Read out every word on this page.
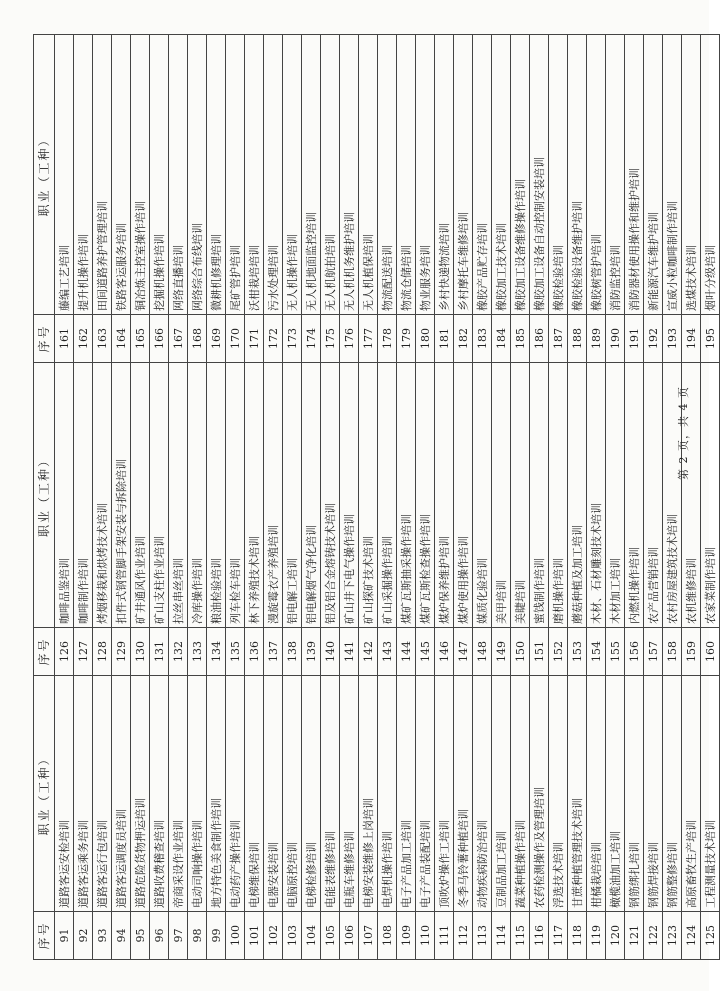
序号	职业（工种）	序号	职业（工种）	序号	职业（工种）
91	道路客运安检培训	126	咖啡品鉴培训	161	藤编工艺培训
92	道路客运乘务培训	127	咖啡制作培训	162	提升机操作培训
93	道路客运行包培训	128	烤烟移栽和烘烤技术培训	163	田间道路养护管理培训
94	道路客运调度员培训	129	扣件式钢管脚手架安装与拆除培训	164	铁路客运服务培训
95	道路危险货物押运培训	130	矿井通风作业培训	165	铜冶炼主控室操作培训
96	道路收费稽查培训	131	矿山支柱作业培训	166	挖掘机操作培训
97	帝商采设作业培训	132	拉丝串丝培训	167	网络直播培训
98	电动司响操作培训	133	冷库操作培训	168	网络综合布线培训
99	地方特色美食制作培训	134	粮油检验培训	169	微耕机修理培训
100	电动药产操作培训	135	列车检车培训	170	尾矿管护培训
101	电梯维保培训	136	林下养殖技术培训	171	沃柑栽培培训
102	电器安装培训	137	漫旋霉衣产养殖培训	172	污水处理培训
103	电脑原控培训	138	铝电解工培训	173	无人机操作培训
104	电梯检修培训	139	铝电解烟气净化培训	174	无人机地面监控培训
105	电能表维修培训	140	铝及铝合金熔铸技术培训	175	无人机航拍培训
106	电瓶车维修培训	141	矿山井下电气操作培训	176	无人机机务维护培训
107	电梯安装维修上岗培训	142	矿山探矿技术培训	177	无人机植保培训
108	电焊机操作培训	143	矿山采掘操作培训	178	物流配送培训
109	电子产品加工培训	144	煤矿瓦斯抽采操作培训	179	物流仓储培训
110	电子产品装配培训	145	煤矿瓦斯检查操作培训	180	物业服务培训
111	顶吹炉操作工培训	146	煤炉保养维护培训	181	乡村快递物流培训
112	冬季马铃薯种植培训	147	煤炉使用操作培训	182	乡村摩托车维修培训
113	动物疾病防治培训	148	媒质化验培训	183	橡胶产品贮存培训
114	豆制品加工培训	149	美甲培训	184	橡胶加工技术培训
115	蔬菜种植操作培训	150	美睫培训	185	橡胶加工设备维修操作培训
116	农药检测操作及管理培训	151	蜜饯制作培训	186	橡胶加工设备自动控制安装培训
117	浮选技术培训	152	磨机操作培训	187	橡胶检验培训
118	甘蔗种植管理技术培训	153	蘑菇种植及加工培训	188	橡胶检验设备维护培训
119	柑橘栽培培训	154	木材、石材雕刻技术培训	189	橡胶树管护培训
120	橄榄油加工培训	155	木材加工培训	190	消防监控培训
121	钢筋绑扎培训	156	内燃机操作培训	191	消防器材使用操作和维护培训
122	钢筋焊接培训	157	农产品营销培训	192	新能源汽车维护培训
123	钢筋整修培训	158	农村房屋建筑技术培训	193	宣威小粒咖啡制作培训
124	高原畜牧生产培训	159	农机维修培训	194	选煤技术培训
125	工程测量技术培训	160	农家菜制作培训	195	烟叶分级培训
第 2 页，共 4 页
